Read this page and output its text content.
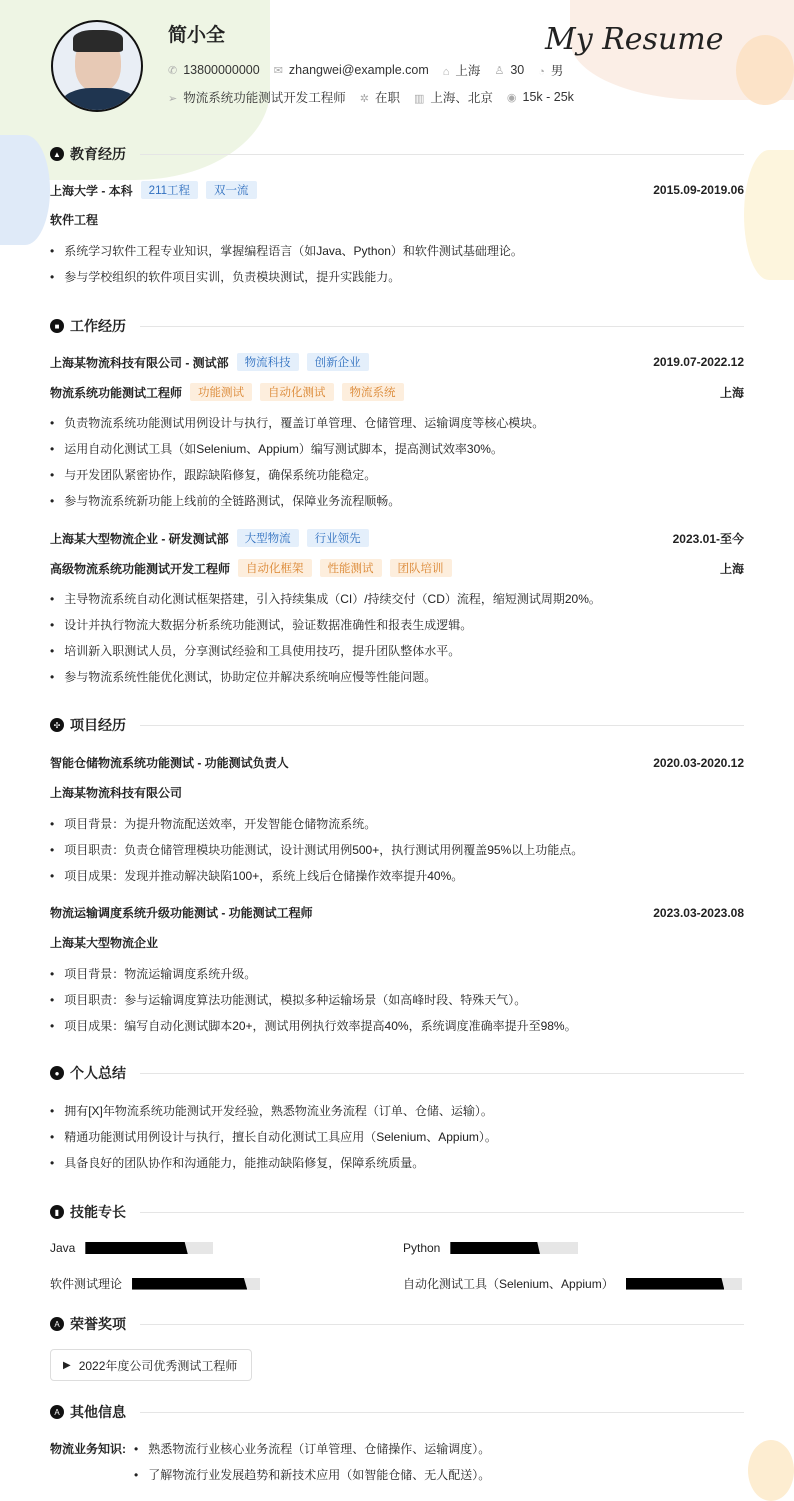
简小全	My Resume
✆ 13800000000 ✉ zhangwei@example.com ⌂ 上海 ♙ 30 ◔ 男
➢ 物流系统功能测试开发工程师 ✲ 在职 ▥ 上海、北京 ◉ 15k - 25k
▲ 教育经历
上海大学 - 本科	211工程	双一流	2015.09-2019.06
软件工程
• 系统学习软件工程专业知识，掌握编程语言（如Java、Python）和软件测试基础理论。
• 参与学校组织的软件项目实训，负责模块测试，提升实践能力。
■ 工作经历
上海某物流科技有限公司 - 测试部	物流科技	创新企业	2019.07-2022.12
物流系统功能测试工程师	功能测试	自动化测试	物流系统	上海
• 负责物流系统功能测试用例设计与执行，覆盖订单管理、仓储管理、运输调度等核心模块。
• 运用自动化测试工具（如Selenium、Appium）编写测试脚本，提高测试效率30%。
• 与开发团队紧密协作，跟踪缺陷修复，确保系统功能稳定。
• 参与物流系统新功能上线前的全链路测试，保障业务流程顺畅。
上海某大型物流企业 - 研发测试部	大型物流	行业领先	2023.01-至今
高级物流系统功能测试开发工程师	自动化框架	性能测试	团队培训	上海
• 主导物流系统自动化测试框架搭建，引入持续集成（CI）/持续交付（CD）流程，缩短测试周期20%。
• 设计并执行物流大数据分析系统功能测试，验证数据准确性和报表生成逻辑。
• 培训新入职测试人员，分享测试经验和工具使用技巧，提升团队整体水平。
• 参与物流系统性能优化测试，协助定位并解决系统响应慢等性能问题。
✣ 项目经历
智能仓储物流系统功能测试 - 功能测试负责人	2020.03-2020.12
上海某物流科技有限公司
• 项目背景：为提升物流配送效率，开发智能仓储物流系统。
• 项目职责：负责仓储管理模块功能测试，设计测试用例500+，执行测试用例覆盖95%以上功能点。
• 项目成果：发现并推动解决缺陷100+，系统上线后仓储操作效率提升40%。
物流运输调度系统升级功能测试 - 功能测试工程师	2023.03-2023.08
上海某大型物流企业
• 项目背景：物流运输调度系统升级。
• 项目职责：参与运输调度算法功能测试，模拟多种运输场景（如高峰时段、特殊天气）。
• 项目成果：编写自动化测试脚本20+，测试用例执行效率提高40%，系统调度准确率提升至98%。
● 个人总结
• 拥有[X]年物流系统功能测试开发经验，熟悉物流业务流程（订单、仓储、运输）。
• 精通功能测试用例设计与执行，擅长自动化测试工具应用（Selenium、Appium）。
• 具备良好的团队协作和沟通能力，能推动缺陷修复，保障系统质量。
▮ 技能专长
Java	Python
软件测试理论	自动化测试工具（Selenium、Appium）
A 荣誉奖项
▶ 2022年度公司优秀测试工程师
A 其他信息
物流业务知识:	• 熟悉物流行业核心业务流程（订单管理、仓储操作、运输调度）。
• 了解物流行业发展趋势和新技术应用（如智能仓储、无人配送）。
